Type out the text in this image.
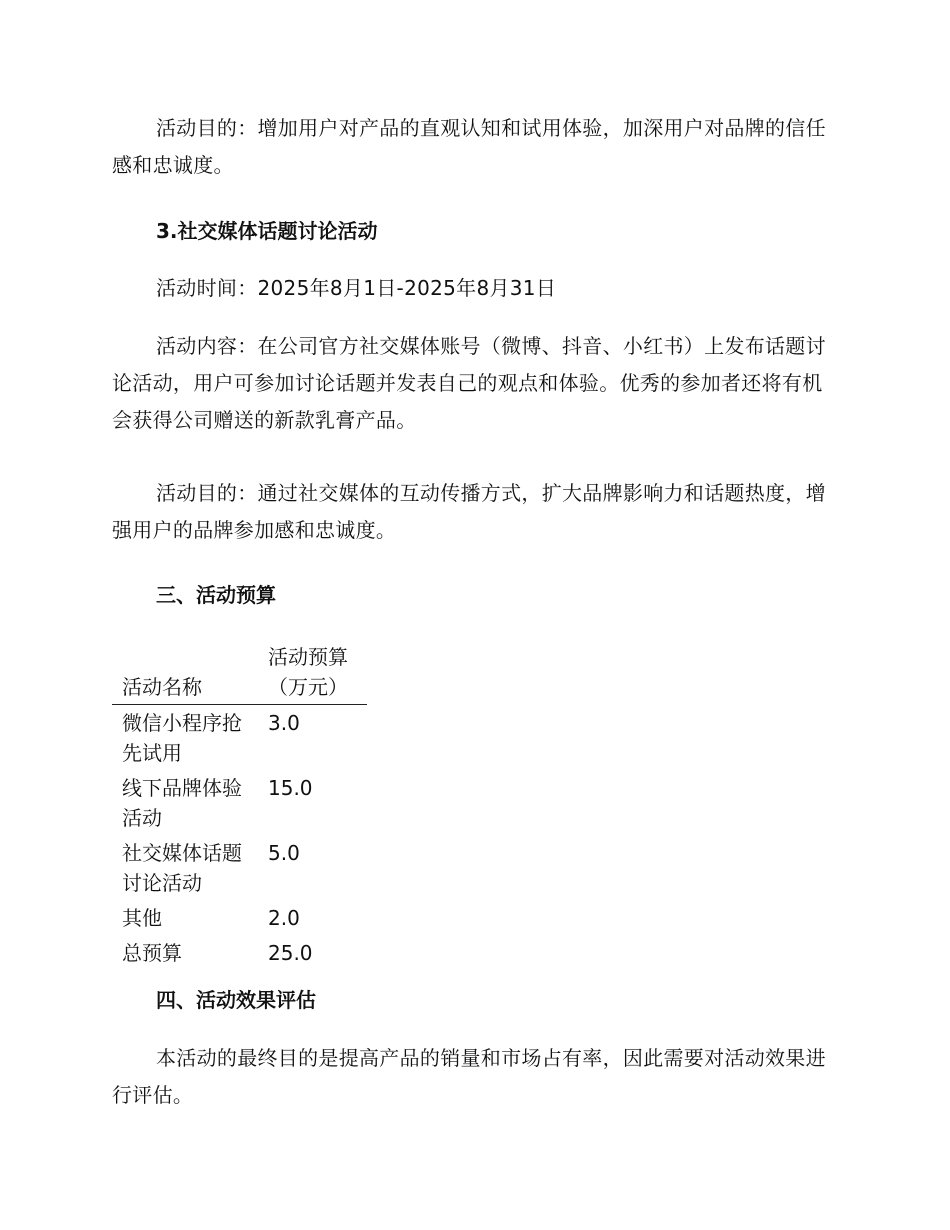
活动目的：增加用户对产品的直观认知和试用体验，加深用户对品牌的信任感和忠诚度。

3.社交媒体话题讨论活动

活动时间：2025年8月1日-2025年8月31日

活动内容：在公司官方社交媒体账号（微博、抖音、小红书）上发布话题讨论活动，用户可参加讨论话题并发表自己的观点和体验。优秀的参加者还将有机会获得公司赠送的新款乳膏产品。

活动目的：通过社交媒体的互动传播方式，扩大品牌影响力和话题热度，增强用户的品牌参加感和忠诚度。

三、活动预算
活动名称	活动预算（万元）
微信小程序抢先试用	3.0
线下品牌体验活动	15.0
社交媒体话题讨论活动	5.0
其他	2.0
总预算	25.0
四、活动效果评估

本活动的最终目的是提高产品的销量和市场占有率，因此需要对活动效果进行评估。
